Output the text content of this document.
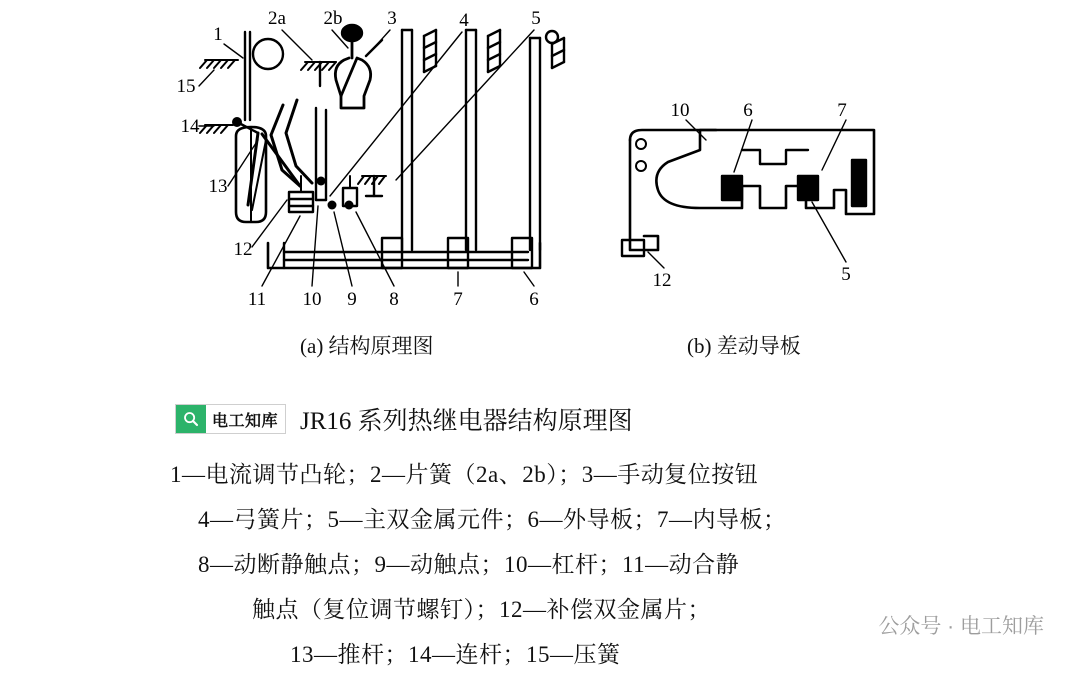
1
15
14
13
12
11 10 9 8	7	6
2a 2b 3	4	5
10	6	7
12	5
(a) 结构原理图	(b) 差动导板
电工知库 JR16 系列热继电器结构原理图
1—电流调节凸轮；2—片簧（2a、2b）；3—手动复位按钮
4—弓簧片；5—主双金属元件；6—外导板；7—内导板；
8—动断静触点；9—动触点；10—杠杆；11—动合静
触点（复位调节螺钉）；12—补偿双金属片；
13—推杆；14—连杆；15—压簧
公众号 · 电工知库
